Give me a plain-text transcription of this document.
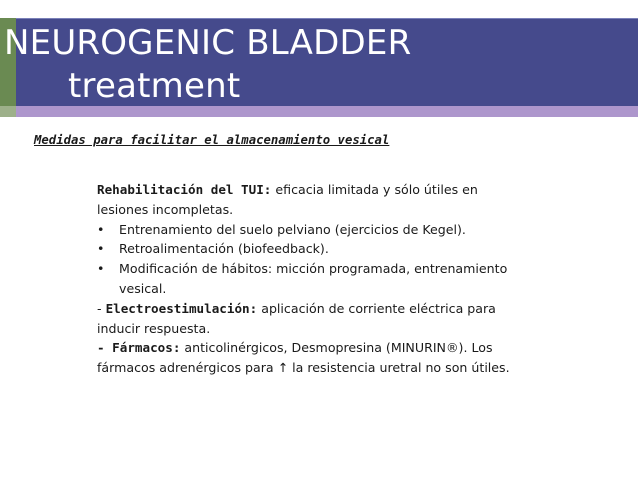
NEUROGENIC BLADDER
treatment
Medidas para facilitar el almacenamiento vesical

Rehabilitación del TUI: eficacia limitada y sólo útiles en lesiones incompletas.

• Entrenamiento del suelo pelviano (ejercicios de Kegel).

• Retroalimentación (biofeedback).

• Modificación de hábitos: micción programada, entrenamiento vesical.

- Electroestimulación: aplicación de corriente eléctrica para inducir respuesta.

- Fármacos: anticolinérgicos, Desmopresina (MINURIN®). Los fármacos adrenérgicos para ↑ la resistencia uretral no son útiles.
